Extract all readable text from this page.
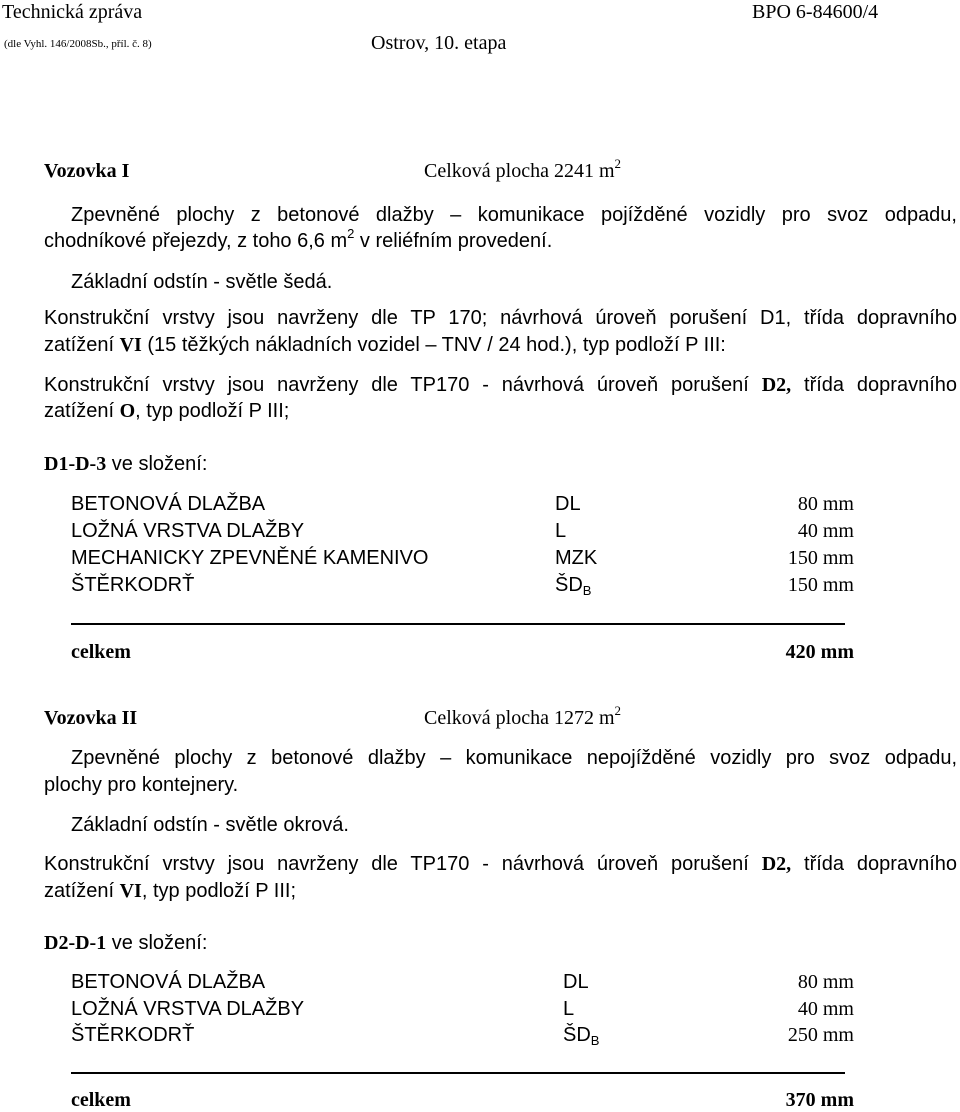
Technická zpráva
(dle Vyhl. 146/2008Sb., příl. č. 8)	Ostrov, 10. etapa
BPO 6-84600/4
Vozovka I	Celková plocha 2241 $m^2$
Zpevněné plochy z betonové dlažby – komunikace pojížděné vozidly pro svoz odpadu,
chodníkové přejezdy, z toho 6,6 $m^2$ v reliéfním provedení.
Základní odstín - světle šedá.
Konstrukční vrstvy jsou navrženy dle TP 170; návrhová úroveň porušení D1, třída dopravního
zatížení VI (15 těžkých nákladních vozidel – TNV / 24 hod.), typ podloží P III:
Konstrukční vrstvy jsou navrženy dle TP170 - návrhová úroveň porušení D2, třída dopravního
zatížení O, typ podloží P III;
D1-D-3 ve složení:
BETONOVÁ DLAŽBA	DL	80 mm
LOŽNÁ VRSTVA DLAŽBY	L	40 mm
MECHANICKY ZPEVNĚNÉ KAMENIVO	MZK	150 mm
ŠTĚRKODRŤ	$ŠD_B$	150 mm
celkem	420 mm
Vozovka II	Celková plocha 1272 $m^2$
Zpevněné plochy z betonové dlažby – komunikace nepojížděné vozidly pro svoz odpadu,
plochy pro kontejnery.
Základní odstín - světle okrová.
Konstrukční vrstvy jsou navrženy dle TP170 - návrhová úroveň porušení D2, třída dopravního
zatížení VI, typ podloží P III;
D2-D-1 ve složení:
BETONOVÁ DLAŽBA	DL	80 mm
LOŽNÁ VRSTVA DLAŽBY	L	40 mm
ŠTĚRKODRŤ	$ŠD_B$	250 mm
celkem	370 mm
